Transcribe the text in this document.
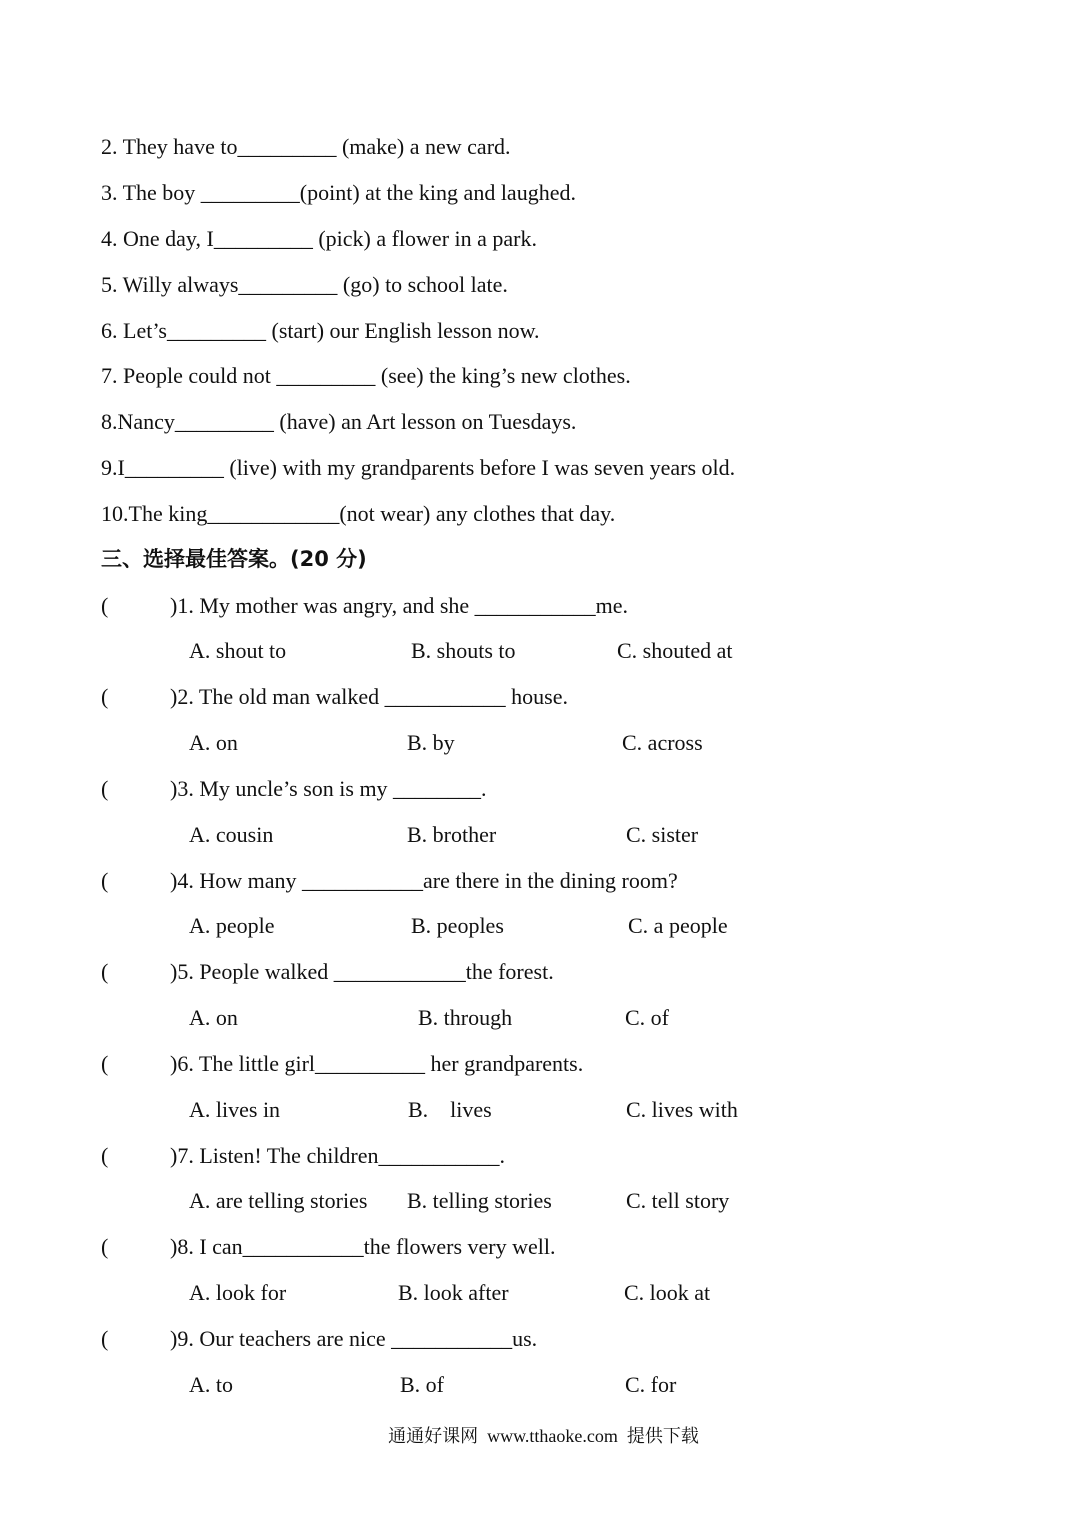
2. They have to_________ (make) a new card.
3. The boy _________(point) at the king and laughed.
4. One day, I_________ (pick) a flower in a park.
5. Willy always_________ (go) to school late.
6. Let’s_________ (start) our English lesson now.
7. People could not _________ (see) the king’s new clothes.
8.Nancy_________ (have) an Art lesson on Tuesdays.
9.I_________ (live) with my grandparents before I was seven years old.
10.The king____________(not wear) any clothes that day.
三、选择最佳答案。(20 分)
(	)1. My mother was angry, and she ___________me.
A. shout to	B. shouts to	C. shouted at
(	)2. The old man walked ___________ house.
A. on	B. by	C. across
(	)3. My uncle’s son is my ________.
A. cousin	B. brother	C. sister
(	)4. How many ___________are there in the dining room?
A. people	B. peoples	C. a people
(	)5. People walked ____________the forest.
A. on	B. through	C. of
(	)6. The little girl__________ her grandparents.
A. lives in	B.    lives	C. lives with
(	)7. Listen! The children___________.
A. are telling stories B. telling stories	C. tell story
(	)8. I can___________the flowers very well.
A. look for	B. look after	C. look at
(	)9. Our teachers are nice ___________us.
A. to	B. of	C. for
通通好课网  www.tthaoke.com  提供下载
